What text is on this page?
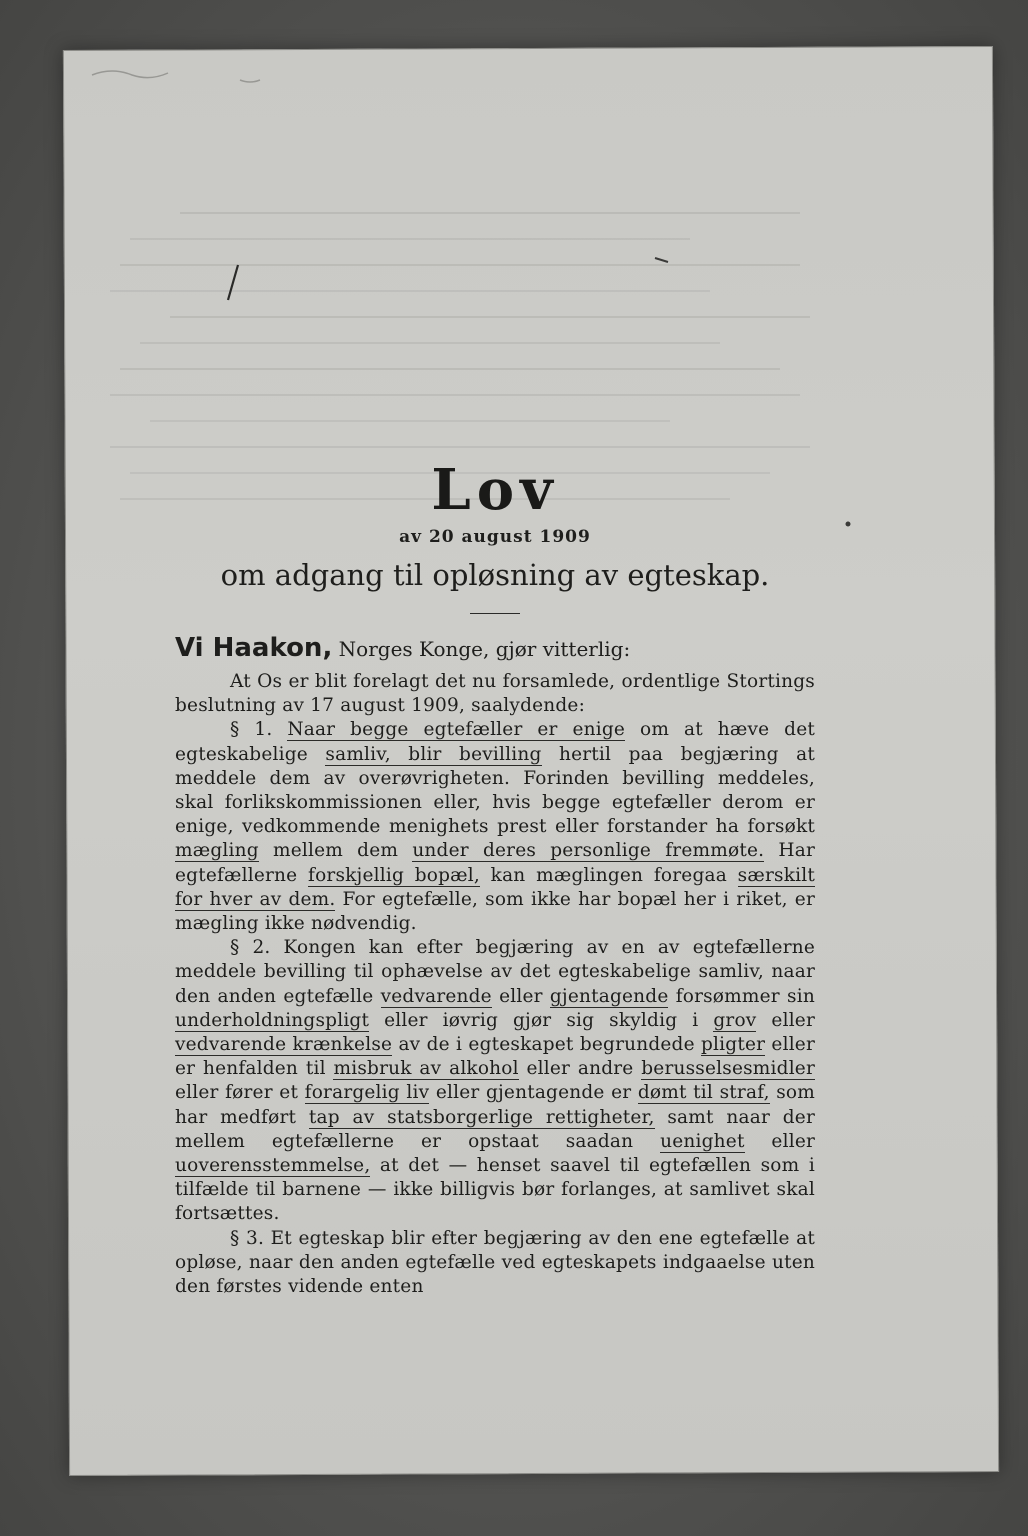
Lov

av 20 august 1909

om adgang til opløsning av egteskap.

Vi Haakon, Norges Konge, gjør vitterlig:

At Os er blit forelagt det nu forsamlede, ordentlige Stortings beslutning av 17 august 1909, saalydende:

§ 1. Naar begge egtefæller er enige om at hæve det egteskabelige samliv, blir bevilling hertil paa begjæring at meddele dem av overøvrigheten. Forinden bevilling meddeles, skal forlikskommissionen eller, hvis begge egtefæller derom er enige, vedkommende menighets prest eller forstander ha forsøkt mægling mellem dem under deres personlige fremmøte. Har egtefællerne forskjellig bopæl, kan mæglingen foregaa særskilt for hver av dem. For egtefælle, som ikke har bopæl her i riket, er mægling ikke nødvendig.

§ 2. Kongen kan efter begjæring av en av egtefællerne meddele bevilling til ophævelse av det egteskabelige samliv, naar den anden egtefælle vedvarende eller gjentagende forsømmer sin underholdningspligt eller iøvrig gjør sig skyldig i grov eller vedvarende krænkelse av de i egteskapet begrundede pligter eller er henfalden til misbruk av alkohol eller andre berusselsesmidler eller fører et forargelig liv eller gjentagende er dømt til straf, som har medført tap av statsborgerlige rettigheter, samt naar der mellem egtefællerne er opstaat saadan uenighet eller uoverensstemmelse, at det — henset saavel til egtefællen som i tilfælde til barnene — ikke billigvis bør forlanges, at samlivet skal fortsættes.

§ 3. Et egteskap blir efter begjæring av den ene egtefælle at opløse, naar den anden egtefælle ved egteskapets indgaaelse uten den førstes vidende enten
